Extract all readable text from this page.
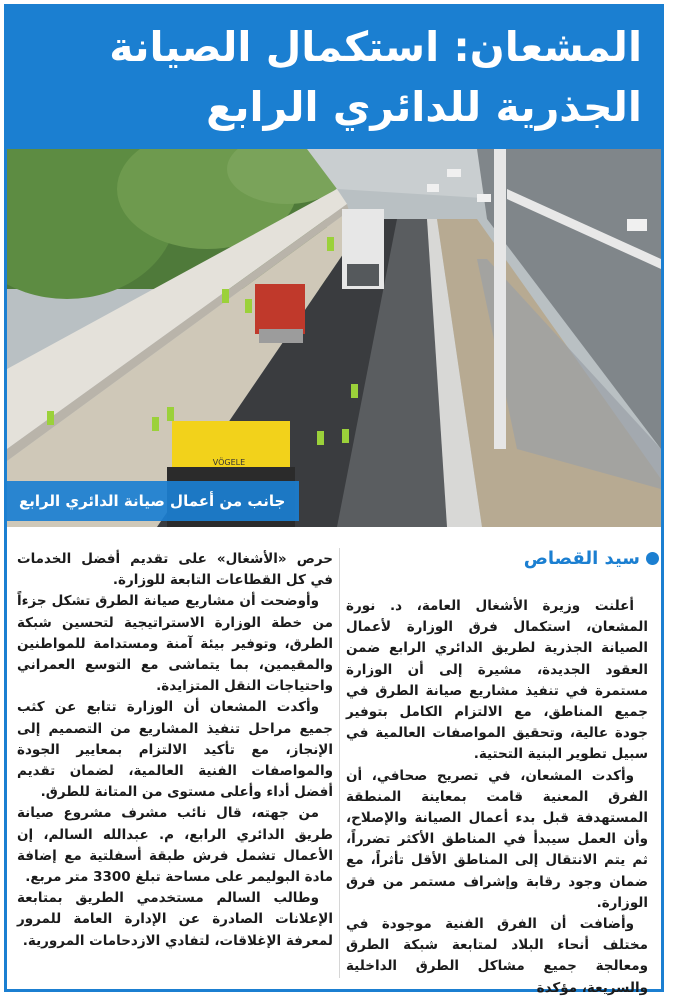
المشعان: استكمال الصيانة
الجذرية للدائري الرابع
VÖGELE
جانب من أعمال صيانة الدائري الرابع
سيد القصاص

أعلنت وزيرة الأشغال العامة، د. نورة المشعان، استكمال فرق الوزارة لأعمال الصيانة الجذرية لطريق الدائري الرابع ضمن العقود الجديدة، مشيرة إلى أن الوزارة مستمرة في تنفيذ مشاريع صيانة الطرق في جميع المناطق، مع الالتزام الكامل بتوفير جودة عالية، وتحقيق المواصفات العالمية في سبيل تطوير البنية التحتية.

وأكدت المشعان، في تصريح صحافي، أن الفرق المعنية قامت بمعاينة المنطقة المستهدفة قبل بدء أعمال الصيانة والإصلاح، وأن العمل سيبدأ في المناطق الأكثر تضرراً، ثم يتم الانتقال إلى المناطق الأقل تأثراً، مع ضمان وجود رقابة وإشراف مستمر من فرق الوزارة.

وأضافت أن الفرق الفنية موجودة في مختلف أنحاء البلاد لمتابعة شبكة الطرق ومعالجة جميع مشاكل الطرق الداخلية والسريعة، مؤكدة

حرص «الأشغال» على تقديم أفضل الخدمات في كل القطاعات التابعة للوزارة.

وأوضحت أن مشاريع صيانة الطرق تشكل جزءاً من خطة الوزارة الاستراتيجية لتحسين شبكة الطرق، وتوفير بيئة آمنة ومستدامة للمواطنين والمقيمين، بما يتماشى مع التوسع العمراني واحتياجات النقل المتزايدة.

وأكدت المشعان أن الوزارة تتابع عن كثب جميع مراحل تنفيذ المشاريع من التصميم إلى الإنجاز، مع تأكيد الالتزام بمعايير الجودة والمواصفات الفنية العالمية، لضمان تقديم أفضل أداء وأعلى مستوى من المتانة للطرق.

من جهته، قال نائب مشرف مشروع صيانة طريق الدائري الرابع، م. عبدالله السالم، إن الأعمال تشمل فرش طبقة أسفلتية مع إضافة مادة البوليمر على مساحة تبلغ 3300 متر مربع.

وطالب السالم مستخدمي الطريق بمتابعة الإعلانات الصادرة عن الإدارة العامة للمرور لمعرفة الإغلاقات، لتفادي الازدحامات المرورية.
